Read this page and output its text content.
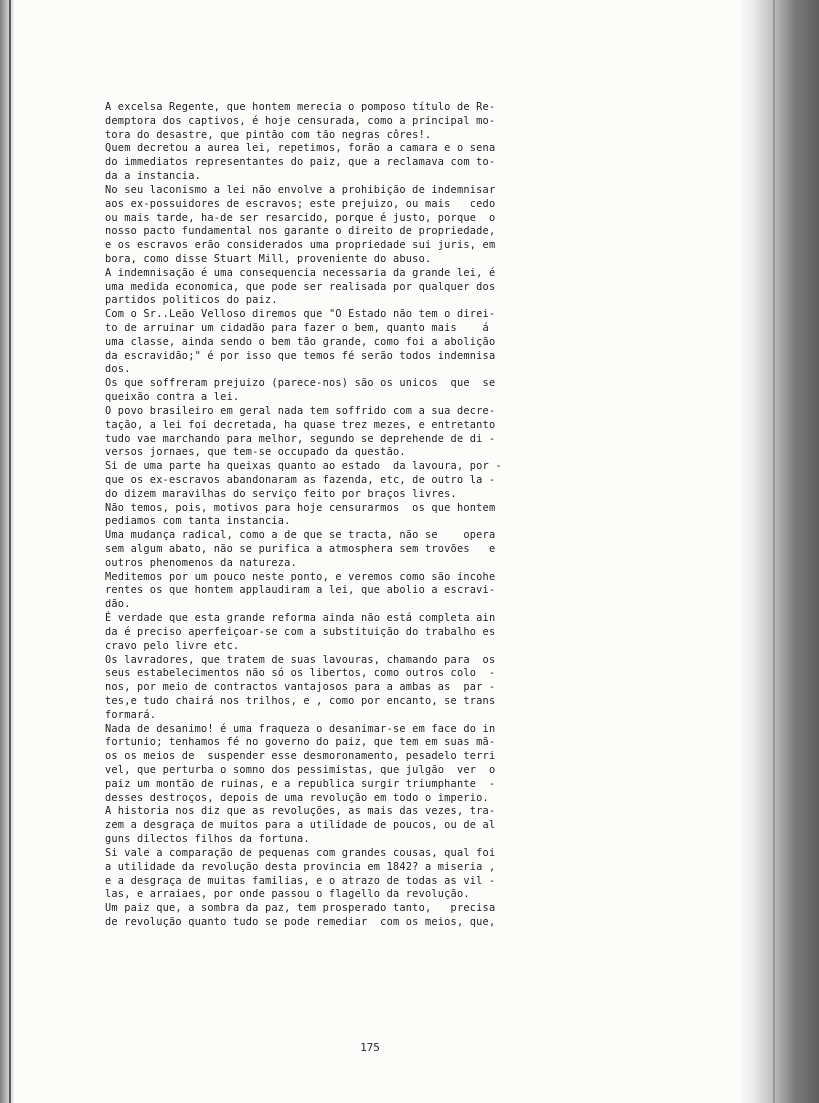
A excelsa Regente, que hontem merecia o pomposo título de Re-
demptora dos captivos, é hoje censurada, como a principal mo-
tora do desastre, que pintão com tão negras côres!.
Quem decretou a aurea lei, repetimos, forão a camara e o sena
do immediatos representantes do paiz, que a reclamava com to-
da a instancia.
No seu laconismo a lei não envolve a prohibição de indemnisar
aos ex-possuidores de escravos; este prejuizo, ou mais   cedo
ou mais tarde, ha-de ser resarcido, porque é justo, porque  o
nosso pacto fundamental nos garante o direito de propriedade,
e os escravos erão considerados uma propriedade sui juris, em
bora, como disse Stuart Mill, proveniente do abuso.
A indemnisação é uma consequencia necessaria da grande lei, é
uma medida economica, que pode ser realisada por qualquer dos
partidos politicos do paiz.
Com o Sr..Leão Velloso diremos que "O Estado não tem o direi-
to de arruinar um cidadão para fazer o bem, quanto mais    á
uma classe, ainda sendo o bem tão grande, como foi a abolição
da escravidão;" é por isso que temos fé serão todos indemnisa
dos.
Os que soffreram prejuizo (parece-nos) são os unicos  que  se
queixão contra a lei.
O povo brasileiro em geral nada tem soffrido com a sua decre-
tação, a lei foi decretada, ha quase trez mezes, e entretanto
tudo vae marchando para melhor, segundo se deprehende de di -
versos jornaes, que tem-se occupado da questão.
Si de uma parte ha queixas quanto ao estado  da lavoura, por -
que os ex-escravos abandonaram as fazenda, etc, de outro la -
do dizem maravilhas do serviço feito por braços livres.
Não temos, pois, motivos para hoje censurarmos  os que hontem
pediamos com tanta instancia.
Uma mudança radical, como a de que se tracta, não se    opera
sem algum abato, não se purifica a atmosphera sem trovões   e
outros phenomenos da natureza.
Meditemos por um pouco neste ponto, e veremos como são incohe
rentes os que hontem applaudiram a lei, que abolio a escravi-
dão.
É verdade que esta grande reforma ainda não está completa ain
da é preciso aperfeiçoar-se com a substituição do trabalho es
cravo pelo livre etc.
Os lavradores, que tratem de suas lavouras, chamando para  os
seus estabelecimentos não só os libertos, como outros colo  -
nos, por meio de contractos vantajosos para a ambas as  par -
tes,e tudo chairá nos trilhos, e , como por encanto, se trans
formará.
Nada de desanimo! é uma fraqueza o desanimar-se em face do in
fortunio; tenhamos fé no governo do paiz, que tem em suas mã-
os os meios de  suspender esse desmoronamento, pesadelo terri
vel, que perturba o somno dos pessimistas, que julgão  ver  o
paiz um montão de ruinas, e a republica surgir triumphante  -
desses destroços, depois de uma revolução em todo o imperio.
A historia nos diz que as revoluções, as mais das vezes, tra-
zem a desgraça de muitos para a utilidade de poucos, ou de al
guns dilectos filhos da fortuna.
Si vale a comparação de pequenas com grandes cousas, qual foi
a utilidade da revolução desta provincia em 1842? a miseria ,
e a desgraça de muitas familias, e o atrazo de todas as vil -
las, e arraiaes, por onde passou o flagello da revolução.
Um paiz que, a sombra da paz, tem prosperado tanto,   precisa
de revolução quanto tudo se pode remediar  com os meios, que,
175
